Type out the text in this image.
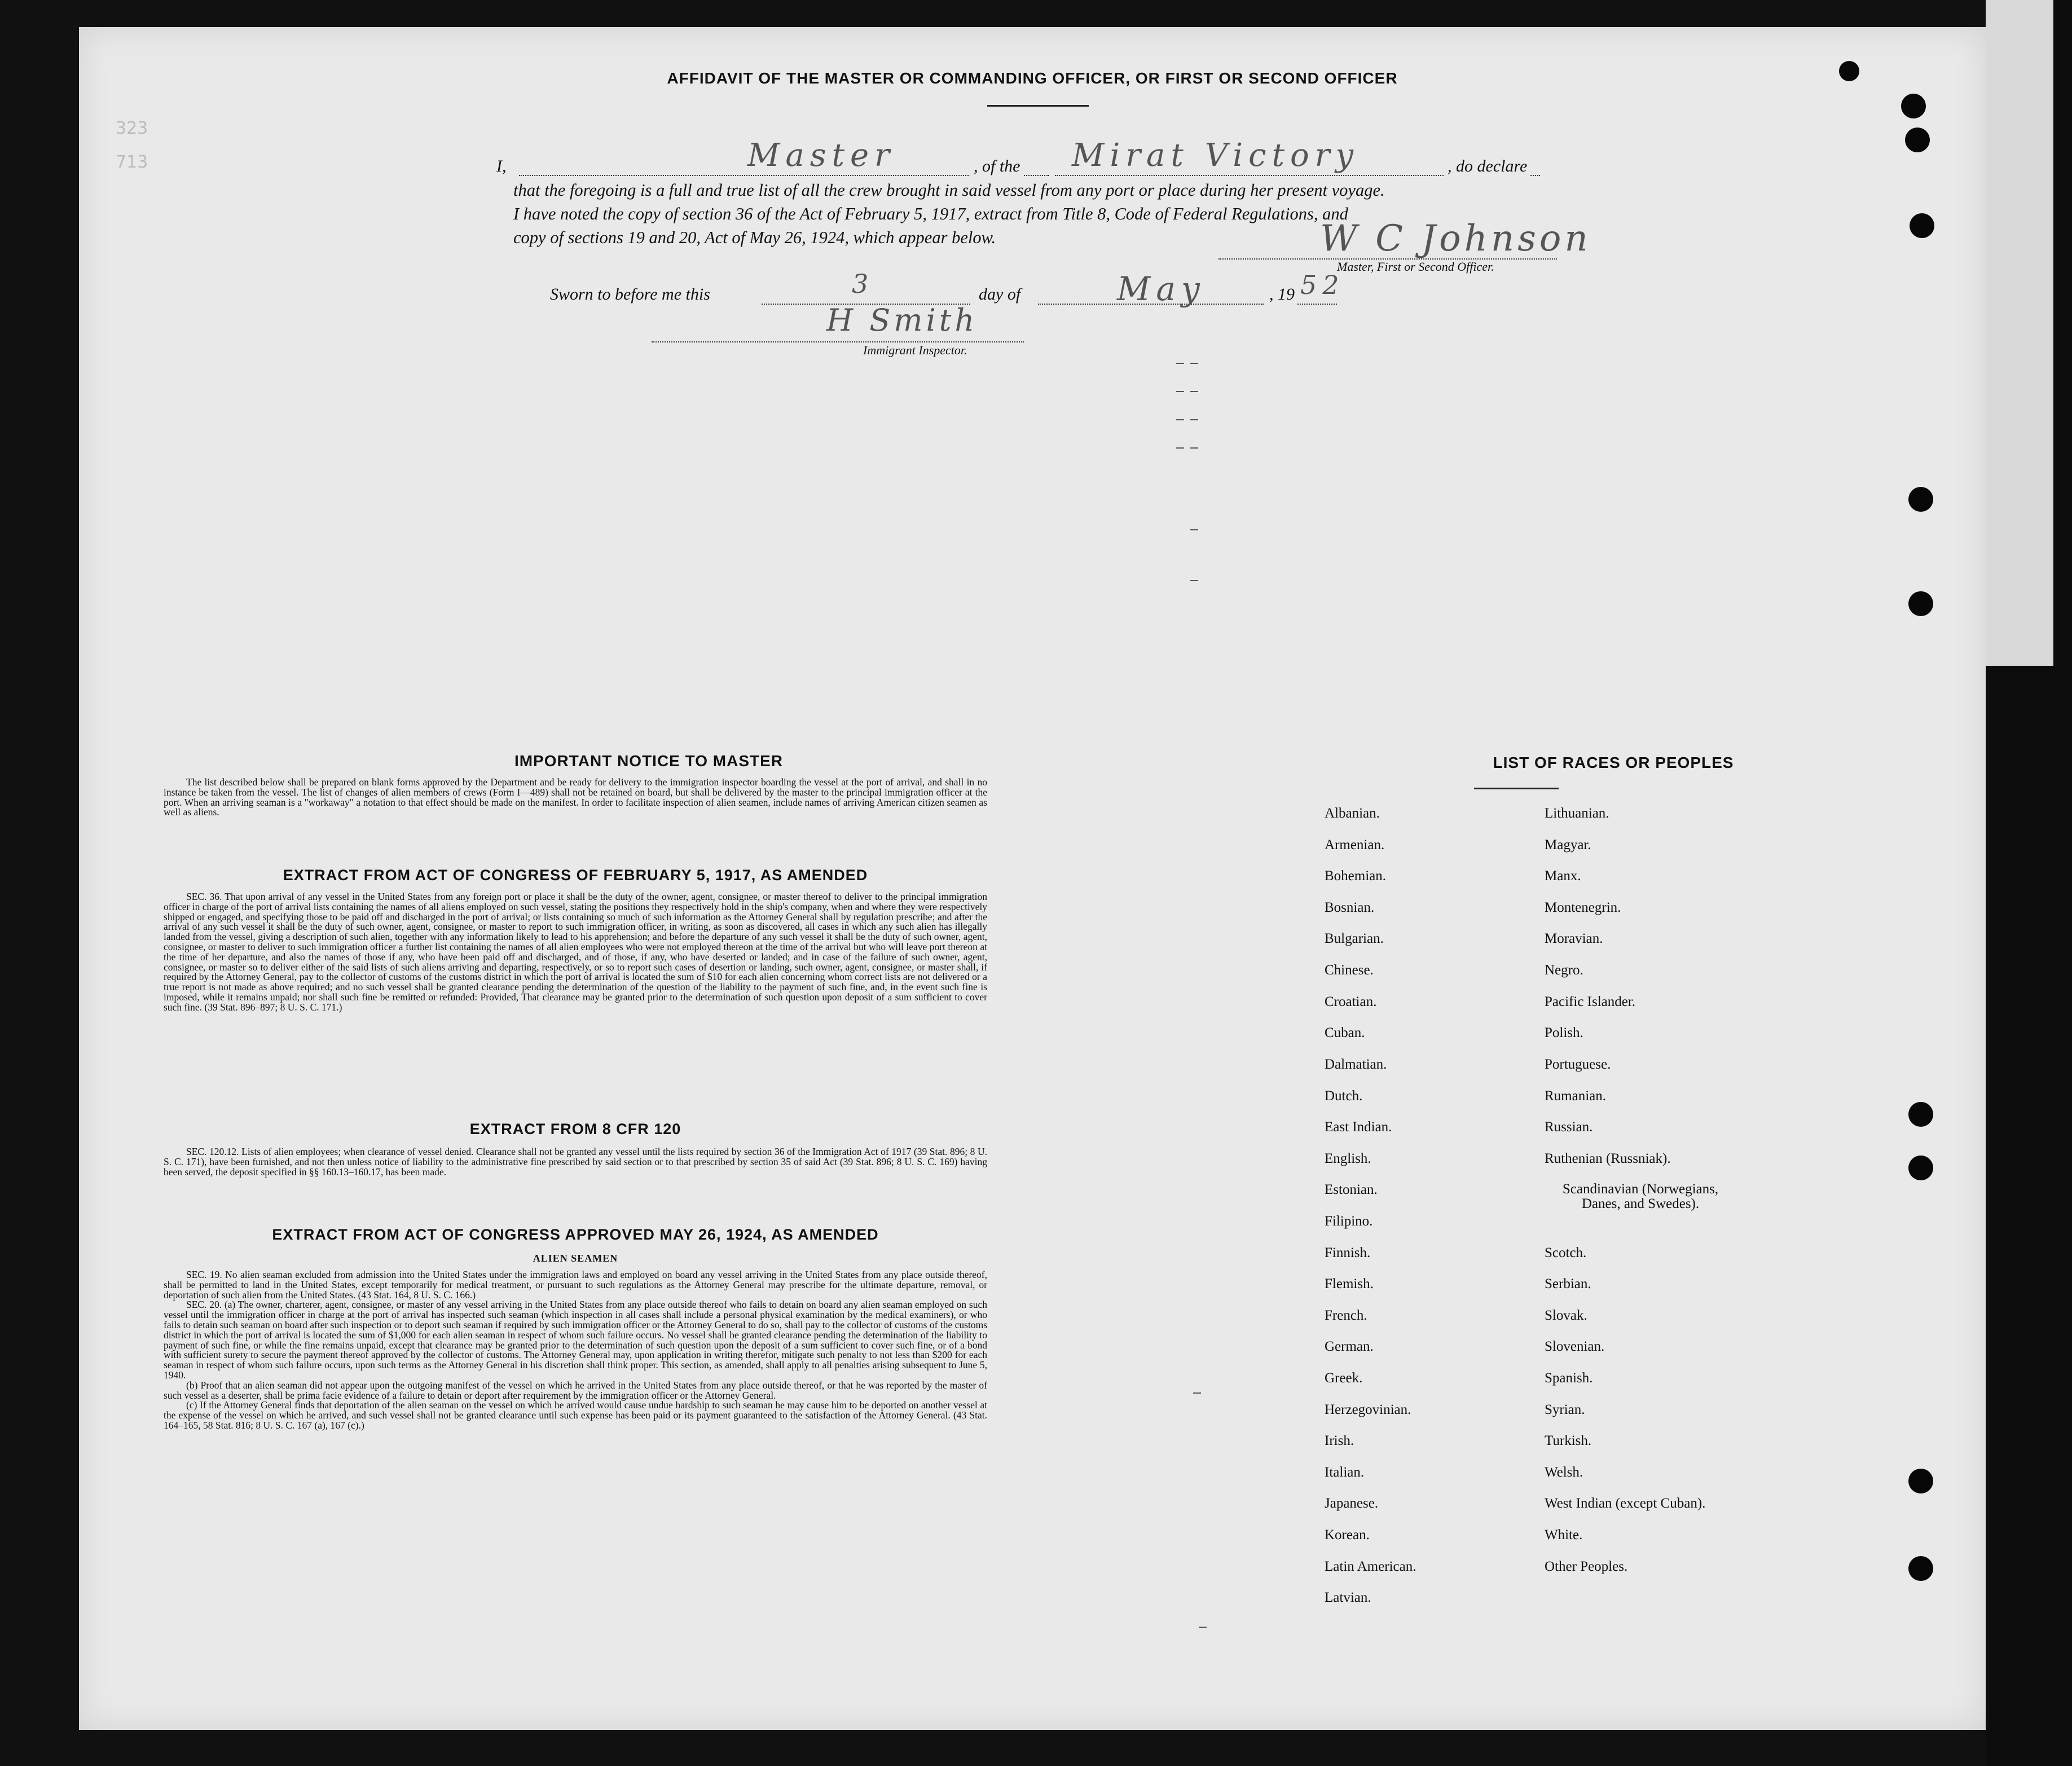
323
713
AFFIDAVIT OF THE MASTER OR COMMANDING OFFICER, OR FIRST OR SECOND OFFICER
I,	Master	, of the Mirat Victory	, do declare
that the foregoing is a full and true list of all the crew brought in said vessel from any port or place during her present voyage.
I have noted the copy of section 36 of the Act of February 5, 1917, extract from Title 8, Code of Federal Regulations, and
copy of sections 19 and 20, Act of May 26, 1924, which appear below.	W C Johnson
Master, First or Second Officer.
Sworn to before me this	3	day of	May	, 19 52
H Smith
Immigrant Inspector.
IMPORTANT NOTICE TO MASTER

The list described below shall be prepared on blank forms approved by the Department and be ready for delivery to the immigration inspector boarding the vessel at the port of arrival, and shall in no instance be taken from the vessel. The list of changes of alien members of crews (Form I—489) shall not be retained on board, but shall be delivered by the master to the principal immigration officer at the port. When an arriving seaman is a "workaway" a notation to that effect should be made on the manifest. In order to facilitate inspection of alien seamen, include names of arriving American citizen seamen as well as aliens.

EXTRACT FROM ACT OF CONGRESS OF FEBRUARY 5, 1917, AS AMENDED

SEC. 36. That upon arrival of any vessel in the United States from any foreign port or place it shall be the duty of the owner, agent, consignee, or master thereof to deliver to the principal immigration officer in charge of the port of arrival lists containing the names of all aliens employed on such vessel, stating the positions they respectively hold in the ship's company, when and where they were respectively shipped or engaged, and specifying those to be paid off and discharged in the port of arrival; or lists containing so much of such information as the Attorney General shall by regulation prescribe; and after the arrival of any such vessel it shall be the duty of such owner, agent, consignee, or master to report to such immigration officer, in writing, as soon as discovered, all cases in which any such alien has illegally landed from the vessel, giving a description of such alien, together with any information likely to lead to his apprehension; and before the departure of any such vessel it shall be the duty of such owner, agent, consignee, or master to deliver to such immigration officer a further list containing the names of all alien employees who were not employed thereon at the time of the arrival but who will leave port thereon at the time of her departure, and also the names of those if any, who have been paid off and discharged, and of those, if any, who have deserted or landed; and in case of the failure of such owner, agent, consignee, or master so to deliver either of the said lists of such aliens arriving and departing, respectively, or so to report such cases of desertion or landing, such owner, agent, consignee, or master shall, if required by the Attorney General, pay to the collector of customs of the customs district in which the port of arrival is located the sum of $10 for each alien concerning whom correct lists are not delivered or a true report is not made as above required; and no such vessel shall be granted clearance pending the determination of the question of the liability to the payment of such fine, and, in the event such fine is imposed, while it remains unpaid; nor shall such fine be remitted or refunded: Provided, That clearance may be granted prior to the determination of such question upon deposit of a sum sufficient to cover such fine. (39 Stat. 896–897; 8 U. S. C. 171.)

EXTRACT FROM 8 CFR 120

SEC. 120.12. Lists of alien employees; when clearance of vessel denied. Clearance shall not be granted any vessel until the lists required by section 36 of the Immigration Act of 1917 (39 Stat. 896; 8 U. S. C. 171), have been furnished, and not then unless notice of liability to the administrative fine prescribed by said section or to that prescribed by section 35 of said Act (39 Stat. 896; 8 U. S. C. 169) having been served, the deposit specified in §§ 160.13–160.17, has been made.

EXTRACT FROM ACT OF CONGRESS APPROVED MAY 26, 1924, AS AMENDED
ALIEN SEAMEN

SEC. 19. No alien seaman excluded from admission into the United States under the immigration laws and employed on board any vessel arriving in the United States from any place outside thereof, shall be permitted to land in the United States, except temporarily for medical treatment, or pursuant to such regulations as the Attorney General may prescribe for the ultimate departure, removal, or deportation of such alien from the United States. (43 Stat. 164, 8 U. S. C. 166.)

SEC. 20. (a) The owner, charterer, agent, consignee, or master of any vessel arriving in the United States from any place outside thereof who fails to detain on board any alien seaman employed on such vessel until the immigration officer in charge at the port of arrival has inspected such seaman (which inspection in all cases shall include a personal physical examination by the medical examiners), or who fails to detain such seaman on board after such inspection or to deport such seaman if required by such immigration officer or the Attorney General to do so, shall pay to the collector of customs of the customs district in which the port of arrival is located the sum of $1,000 for each alien seaman in respect of whom such failure occurs. No vessel shall be granted clearance pending the determination of the liability to payment of such fine, or while the fine remains unpaid, except that clearance may be granted prior to the determination of such question upon the deposit of a sum sufficient to cover such fine, or of a bond with sufficient surety to secure the payment thereof approved by the collector of customs. The Attorney General may, upon application in writing therefor, mitigate such penalty to not less than $200 for each seaman in respect of whom such failure occurs, upon such terms as the Attorney General in his discretion shall think proper. This section, as amended, shall apply to all penalties arising subsequent to June 5, 1940.

(b) Proof that an alien seaman did not appear upon the outgoing manifest of the vessel on which he arrived in the United States from any place outside thereof, or that he was reported by the master of such vessel as a deserter, shall be prima facie evidence of a failure to detain or deport after requirement by the immigration officer or the Attorney General.

(c) If the Attorney General finds that deportation of the alien seaman on the vessel on which he arrived would cause undue hardship to such seaman he may cause him to be deported on another vessel at the expense of the vessel on which he arrived, and such vessel shall not be granted clearance until such expense has been paid or its payment guaranteed to the satisfaction of the Attorney General. (43 Stat. 164–165, 58 Stat. 816; 8 U. S. C. 167 (a), 167 (c).)

LIST OF RACES OR PEOPLES
Albanian.
Armenian.
Bohemian.
Bosnian.
Bulgarian.
Chinese.
Croatian.
Cuban.
Dalmatian.
Dutch.
East Indian.
English.
Estonian.
Filipino.
Finnish.
Flemish.
French.
German.
Greek.
Herzegovinian.
Irish.
Italian.
Japanese.
Korean.
Latin American.
Latvian.
Lithuanian.
Magyar.
Manx.
Montenegrin.
Moravian.
Negro.
Pacific Islander.
Polish.
Portuguese.
Rumanian.
Russian.
Ruthenian (Russniak).
Scandinavian (Norwegians, Danes, and Swedes).
Scotch.
Serbian.
Slovak.
Slovenian.
Spanish.
Syrian.
Turkish.
Welsh.
West Indian (except Cuban).
White.
Other Peoples.
